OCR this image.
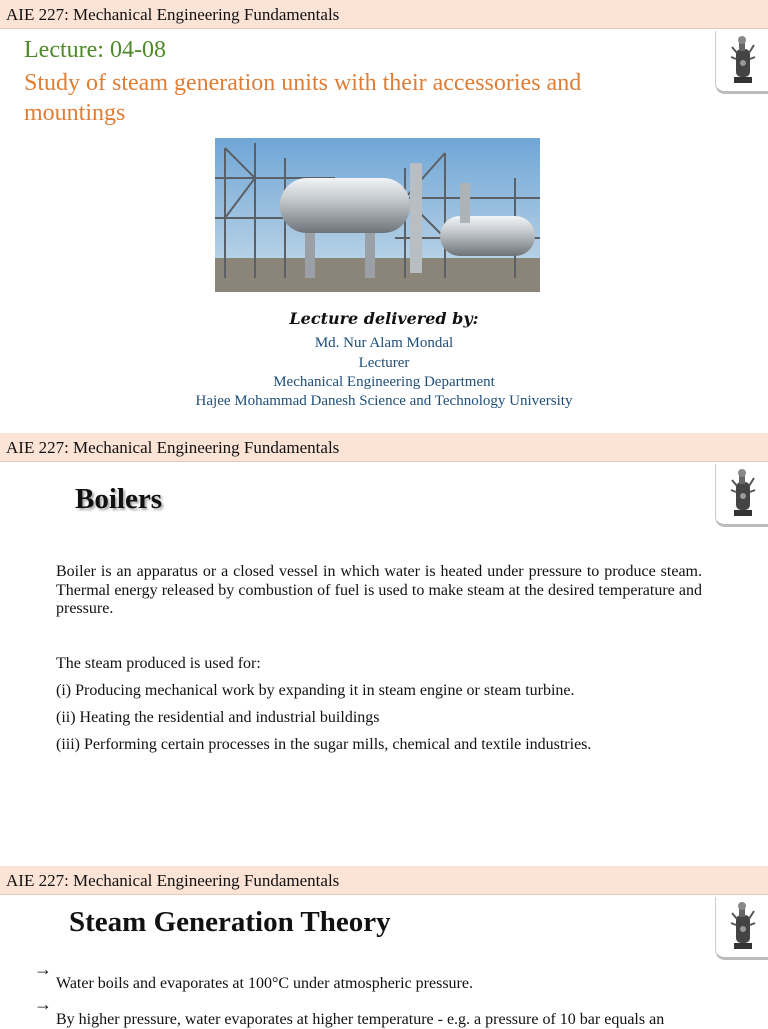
AIE 227: Mechanical Engineering Fundamentals
Lecture: 04-08
Study of steam generation units with their accessories and mountings
Lecture delivered by:
Md. Nur Alam Mondal
Lecturer
Mechanical Engineering Department
Hajee Mohammad Danesh Science and Technology University
AIE 227: Mechanical Engineering Fundamentals
Boilers
Boiler is an apparatus or a closed vessel in which water is heated under pressure to produce steam. Thermal energy released by combustion of fuel is used to make steam at the desired temperature and pressure.
The steam produced is used for:
(i) Producing mechanical work by expanding it in steam engine or steam turbine.
(ii) Heating the residential and industrial buildings
(iii) Performing certain processes in the sugar mills, chemical and textile industries.
AIE 227: Mechanical Engineering Fundamentals
Steam Generation Theory
→
Water boils and evaporates at 100°C under atmospheric pressure.
→
By higher pressure, water evaporates at higher temperature - e.g. a pressure of 10 bar equals an
